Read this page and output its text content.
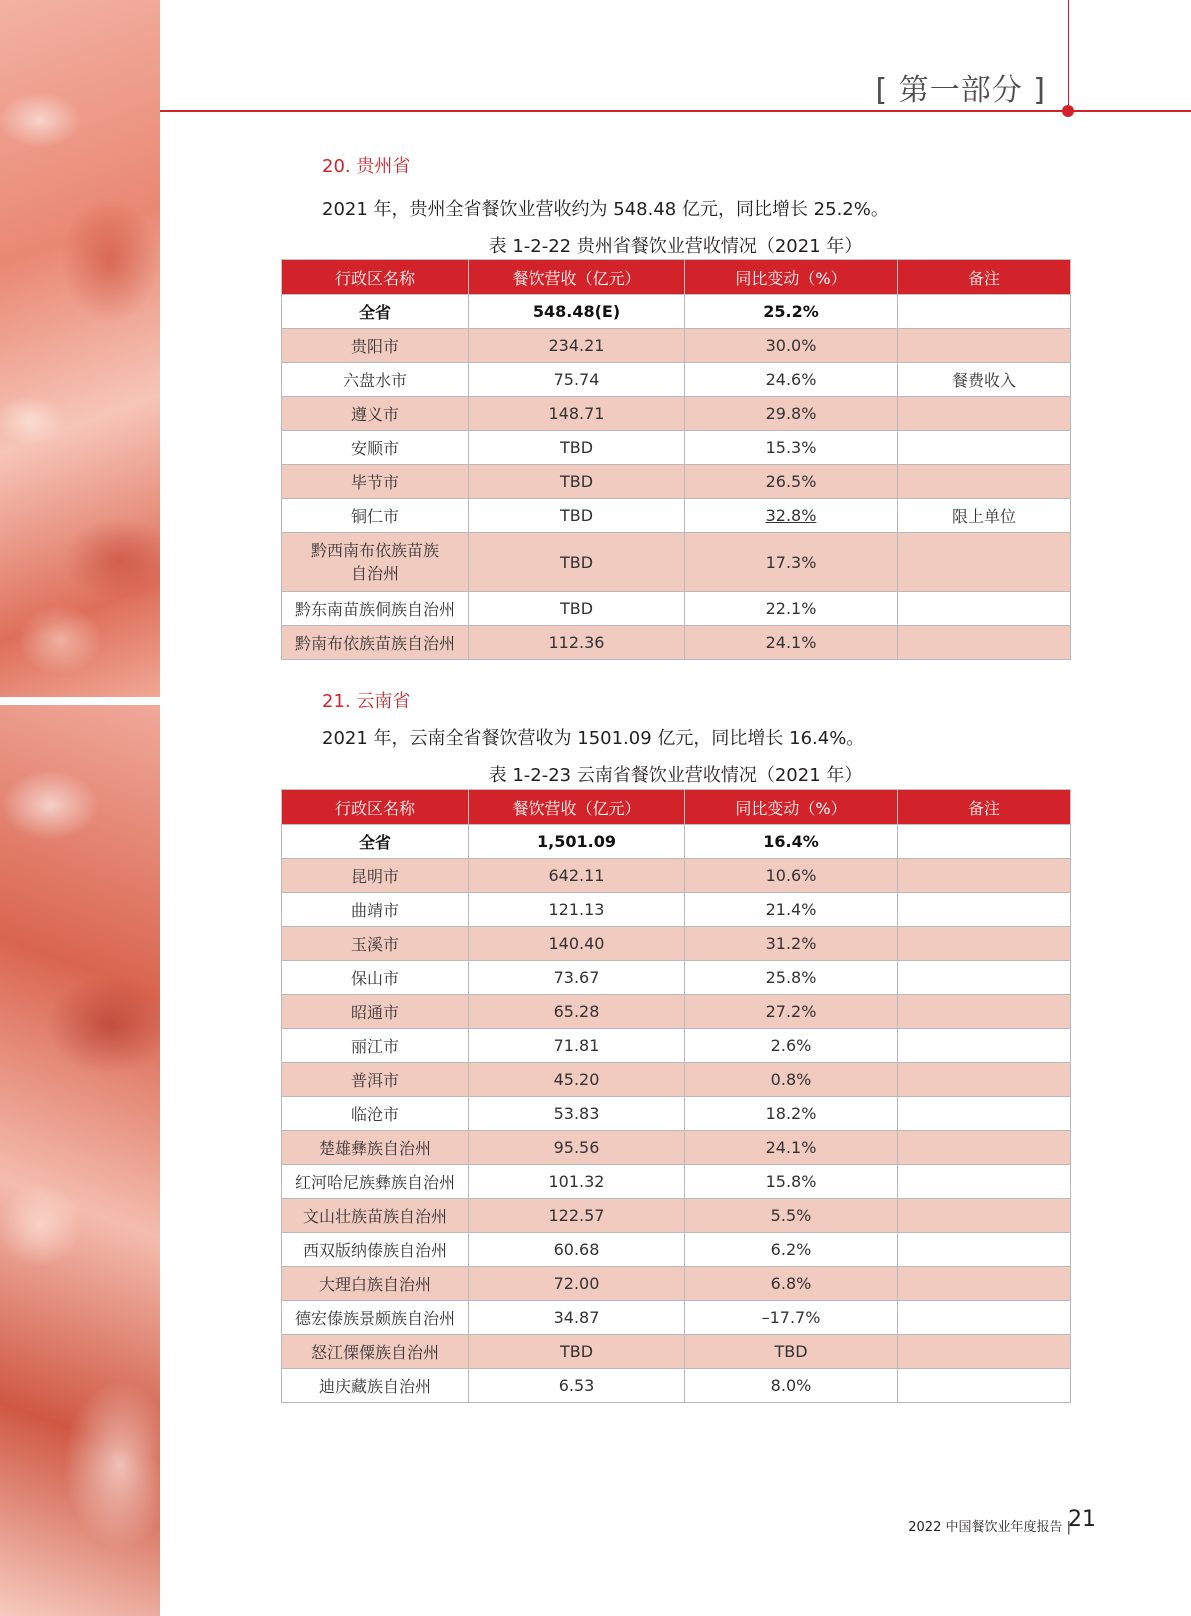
[ 第一部分 ]
20. 贵州省
2021 年，贵州全省餐饮业营收约为 548.48 亿元，同比增长 25.2%。
表 1-2-22 贵州省餐饮业营收情况（2021 年）
行政区名称	餐饮营收（亿元）	同比变动（%）	备注
全省	548.48(E)	25.2%	
贵阳市	234.21	30.0%	
六盘水市	75.74	24.6%	餐费收入
遵义市	148.71	29.8%	
安顺市	TBD	15.3%	
毕节市	TBD	26.5%	
铜仁市	TBD	32.8%	限上单位
黔西南布依族苗族
自治州	TBD	17.3%	
黔东南苗族侗族自治州	TBD	22.1%	
黔南布依族苗族自治州	112.36	24.1%	
21. 云南省
2021 年，云南全省餐饮营收为 1501.09 亿元，同比增长 16.4%。
表 1-2-23 云南省餐饮业营收情况（2021 年）
行政区名称	餐饮营收（亿元）	同比变动（%）	备注
全省	1,501.09	16.4%	
昆明市	642.11	10.6%	
曲靖市	121.13	21.4%	
玉溪市	140.40	31.2%	
保山市	73.67	25.8%	
昭通市	65.28	27.2%	
丽江市	71.81	2.6%	
普洱市	45.20	0.8%	
临沧市	53.83	18.2%	
楚雄彝族自治州	95.56	24.1%	
红河哈尼族彝族自治州	101.32	15.8%	
文山壮族苗族自治州	122.57	5.5%	
西双版纳傣族自治州	60.68	6.2%	
大理白族自治州	72.00	6.8%	
德宏傣族景颇族自治州	34.87	–17.7%	
怒江傈僳族自治州	TBD	TBD	
迪庆藏族自治州	6.53	8.0%	
2022 中国餐饮业年度报告 |
21
